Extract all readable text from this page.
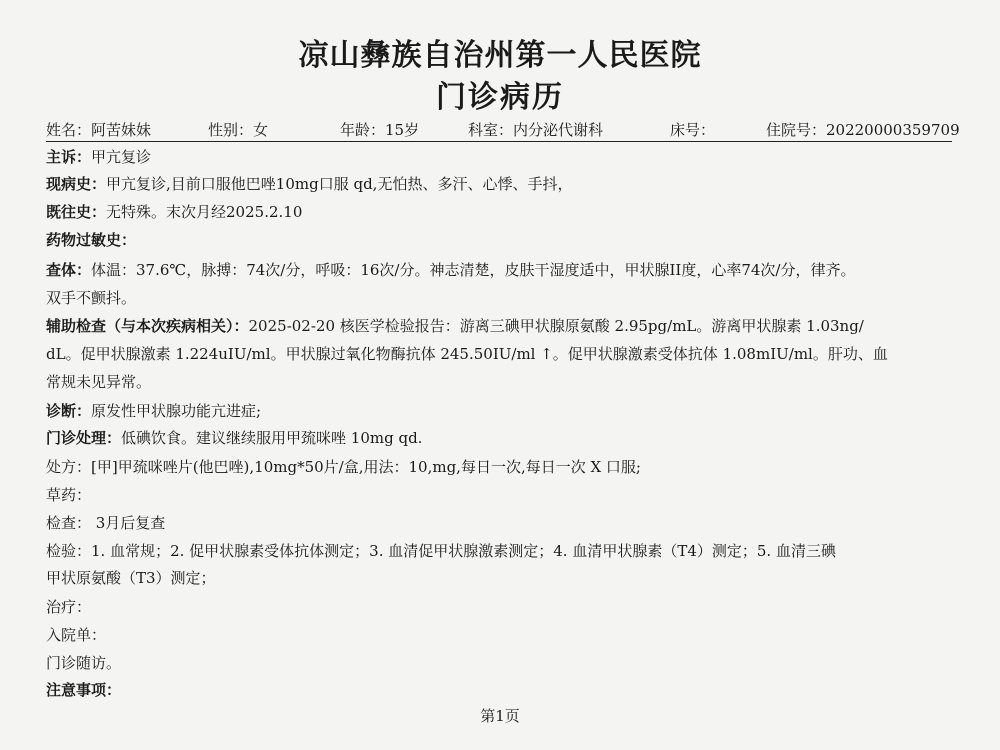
凉山彝族自治州第一人民医院
门诊病历
姓名：阿苦妹妹	性别：女	年龄：15岁	科室：内分泌代谢科	床号：	住院号：20220000359709
主诉：甲亢复诊
现病史：甲亢复诊,目前口服他巴唑10mg口服 qd,无怕热、多汗、心悸、手抖，
既往史：无特殊。末次月经2025.2.10
药物过敏史：
查体：体温：37.6℃，脉搏：74次/分，呼吸：16次/分。神志清楚，皮肤干湿度适中，甲状腺II度，心率74次/分，律齐。
双手不颤抖。
辅助检查（与本次疾病相关）：2025-02-20 核医学检验报告：游离三碘甲状腺原氨酸 2.95pg/mL。游离甲状腺素 1.03ng/
dL。促甲状腺激素 1.224uIU/ml。甲状腺过氧化物酶抗体 245.50IU/ml ↑。促甲状腺激素受体抗体 1.08mIU/ml。肝功、血
常规未见异常。
诊断：原发性甲状腺功能亢进症;
门诊处理：低碘饮食。建议继续服用甲巯咪唑 10mg qd.
处方：[甲]甲巯咪唑片(他巴唑),10mg*50片/盒,用法：10,mg,每日一次,每日一次 X 口服;
草药：
检查： 3月后复查
检验：1. 血常规；2. 促甲状腺素受体抗体测定；3. 血清促甲状腺激素测定；4. 血清甲状腺素（T4）测定；5. 血清三碘
甲状原氨酸（T3）测定；
治疗：
入院单：
门诊随访。
注意事项：
第1页
